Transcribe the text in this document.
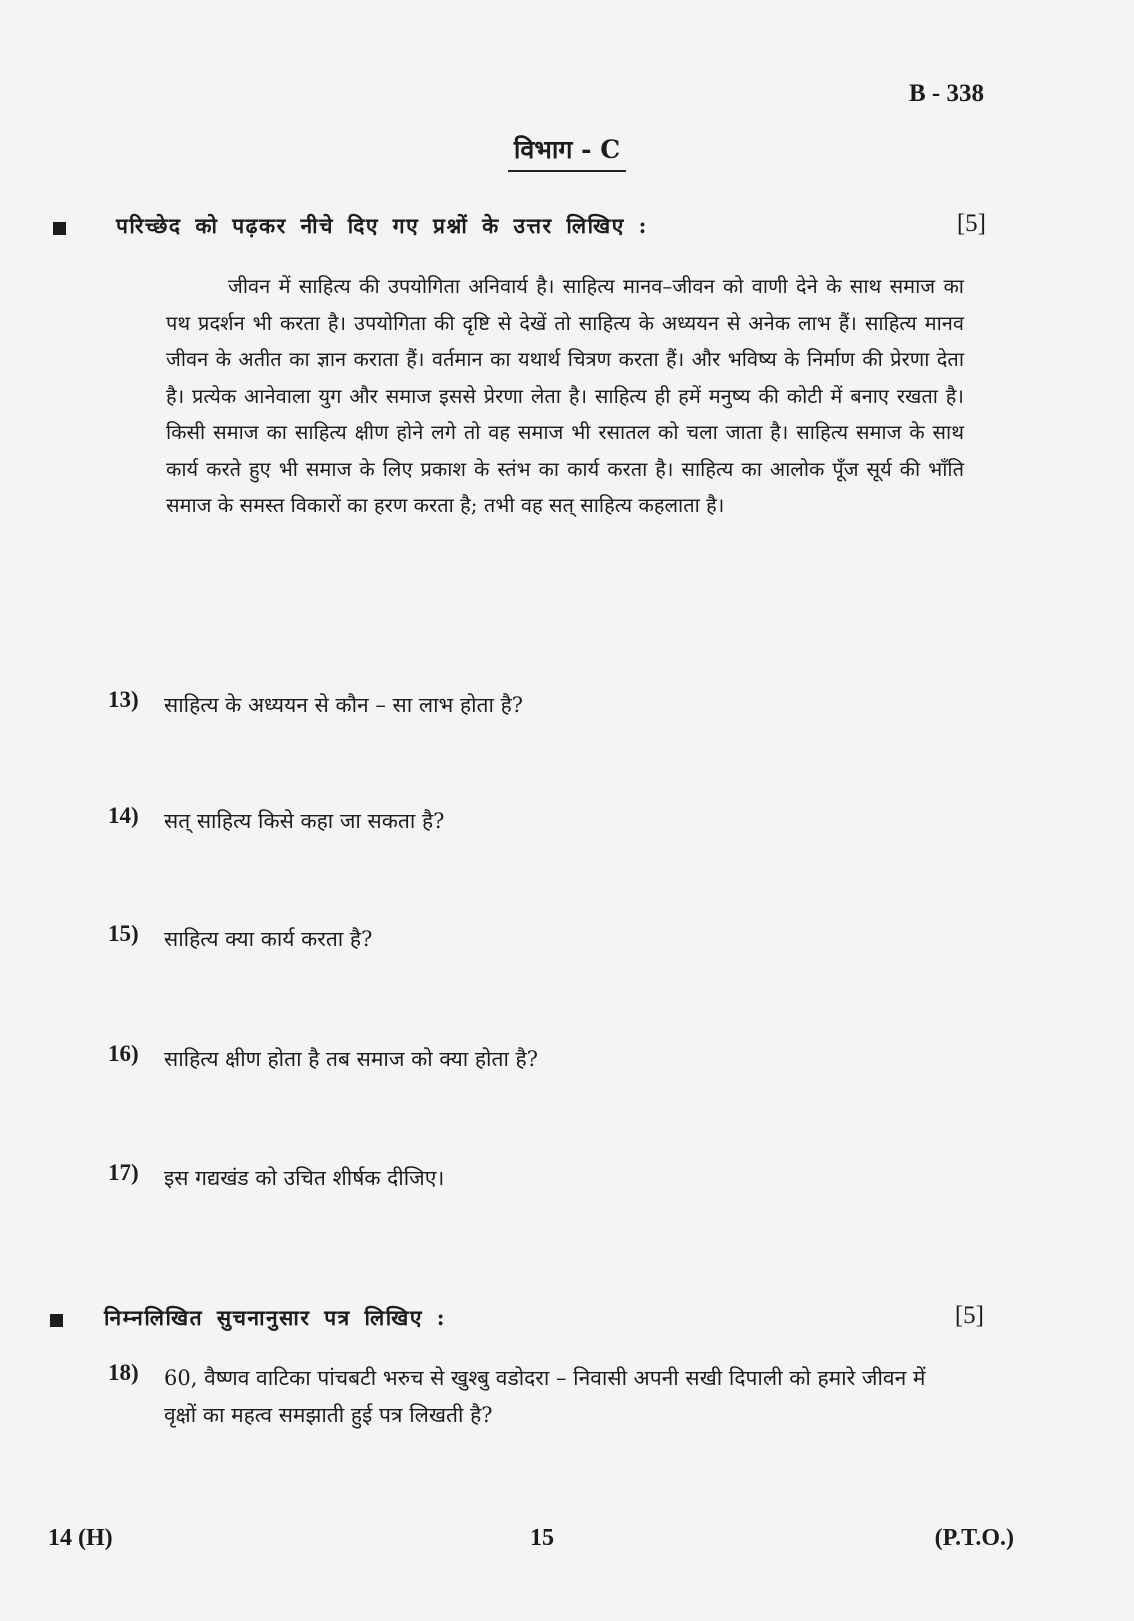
B - 338
विभाग - C
परिच्छेद को पढ़कर नीचे दिए गए प्रश्नों के उत्तर लिखिए :	[5]
जीवन में साहित्य की उपयोगिता अनिवार्य है। साहित्य मानव–जीवन को वाणी देने के साथ समाज का पथ प्रदर्शन भी करता है। उपयोगिता की दृष्टि से देखें तो साहित्य के अध्ययन से अनेक लाभ हैं। साहित्य मानव जीवन के अतीत का ज्ञान कराता हैं। वर्तमान का यथार्थ चित्रण करता हैं। और भविष्य के निर्माण की प्रेरणा देता है। प्रत्येक आनेवाला युग और समाज इससे प्रेरणा लेता है। साहित्य ही हमें मनुष्य की कोटी में बनाए रखता है। किसी समाज का साहित्य क्षीण होने लगे तो वह समाज भी रसातल को चला जाता है। साहित्य समाज के साथ कार्य करते हुए भी समाज के लिए प्रकाश के स्तंभ का कार्य करता है। साहित्य का आलोक पूँज सूर्य की भाँति समाज के समस्त विकारों का हरण करता है; तभी वह सत् साहित्य कहलाता है।
13)	साहित्य के अध्ययन से कौन – सा लाभ होता है?
14)	सत् साहित्य किसे कहा जा सकता है?
15)	साहित्य क्या कार्य करता है?
16)	साहित्य क्षीण होता है तब समाज को क्या होता है?
17)	इस गद्यखंड को उचित शीर्षक दीजिए।
निम्नलिखित सुचनानुसार पत्र लिखिए :	[5]
18)	60, वैष्णव वाटिका पांचबटी भरुच से खुश्बु वडोदरा – निवासी अपनी सखी दिपाली को हमारे जीवन में वृक्षों का महत्व समझाती हुई पत्र लिखती है?
14 (H)	15	(P.T.O.)
